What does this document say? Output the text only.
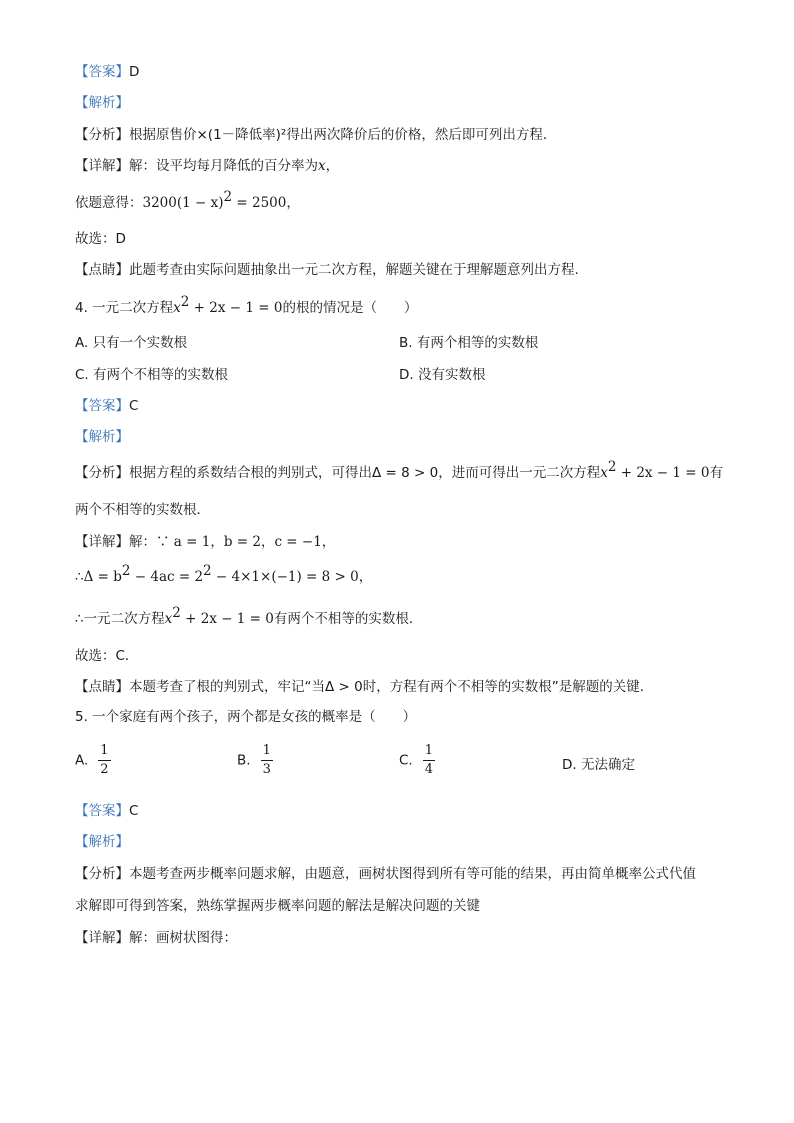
【答案】D
【解析】
【分析】根据原售价×(1－降低率)²得出两次降价后的价格，然后即可列出方程．
【详解】解：设平均每月降低的百分率为x，
依题意得：$3200(1 - x)^2 = 2500$，
故选：D
【点睛】此题考查由实际问题抽象出一元二次方程，解题关键在于理解题意列出方程.
4. 一元二次方程$x^2 + 2x - 1 = 0$的根的情况是（　　）
A. 只有一个实数根	B. 有两个相等的实数根
C. 有两个不相等的实数根	D. 没有实数根
【答案】C
【解析】
【分析】根据方程的系数结合根的判别式，可得出Δ = 8 > 0，进而可得出一元二次方程$x^2 + 2x - 1 = 0$有
两个不相等的实数根．
【详解】解：∵ a = 1，b = 2，c = −1，
∴Δ = $b^2 - 4ac = 2^2 - 4\times 1\times(-1) = 8 > 0$，
∴一元二次方程$x^2 + 2x - 1 = 0$有两个不相等的实数根．
故选：C．
【点睛】本题考查了根的判别式，牢记“当Δ > 0时，方程有两个不相等的实数根”是解题的关键．
5. 一个家庭有两个孩子，两个都是女孩的概率是（　　）
A. $\frac{1}{2}$	B. $\frac{1}{3}$	C. $\frac{1}{4}$	D. 无法确定
【答案】C
【解析】
【分析】本题考查两步概率问题求解，由题意，画树状图得到所有等可能的结果，再由简单概率公式代值
求解即可得到答案，熟练掌握两步概率问题的解法是解决问题的关键
【详解】解：画树状图得：
